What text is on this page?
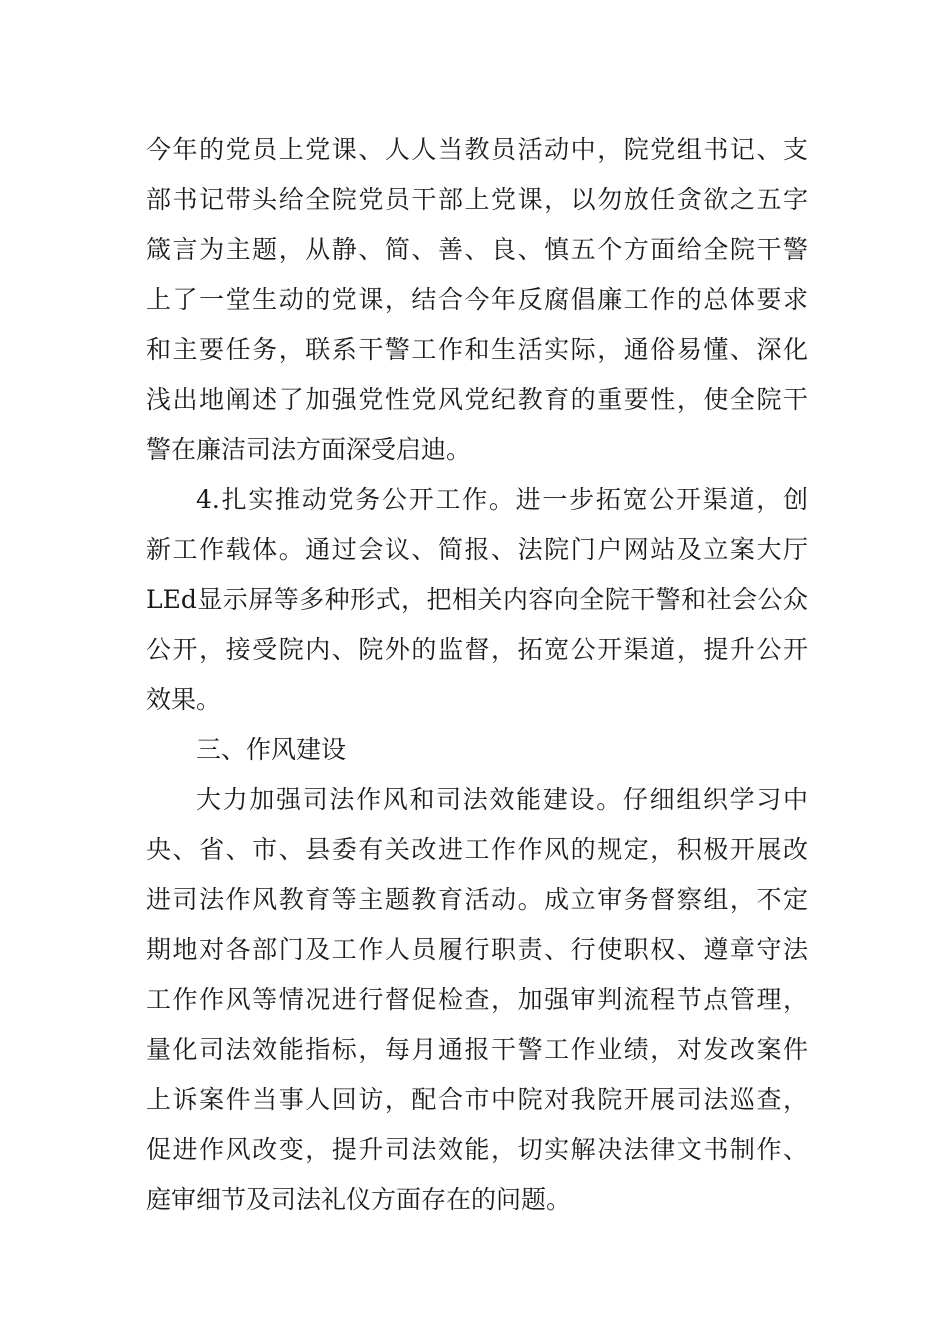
今年的党员上党课、人人当教员活动中，院党组书记、支
部书记带头给全院党员干部上党课，以勿放任贪欲之五字
箴言为主题，从静、简、善、良、慎五个方面给全院干警
上了一堂生动的党课，结合今年反腐倡廉工作的总体要求
和主要任务，联系干警工作和生活实际，通俗易懂、深化
浅出地阐述了加强党性党风党纪教育的重要性，使全院干
警在廉洁司法方面深受启迪。
4.扎实推动党务公开工作。进一步拓宽公开渠道，创
新工作载体。通过会议、简报、法院门户网站及立案大厅
LEd显示屏等多种形式，把相关内容向全院干警和社会公众
公开，接受院内、院外的监督，拓宽公开渠道，提升公开
效果。
三、作风建设
大力加强司法作风和司法效能建设。仔细组织学习中
央、省、市、县委有关改进工作作风的规定，积极开展改
进司法作风教育等主题教育活动。成立审务督察组，不定
期地对各部门及工作人员履行职责、行使职权、遵章守法
工作作风等情况进行督促检查，加强审判流程节点管理，
量化司法效能指标，每月通报干警工作业绩，对发改案件
上诉案件当事人回访，配合市中院对我院开展司法巡查，
促进作风改变，提升司法效能，切实解决法律文书制作、
庭审细节及司法礼仪方面存在的问题。
